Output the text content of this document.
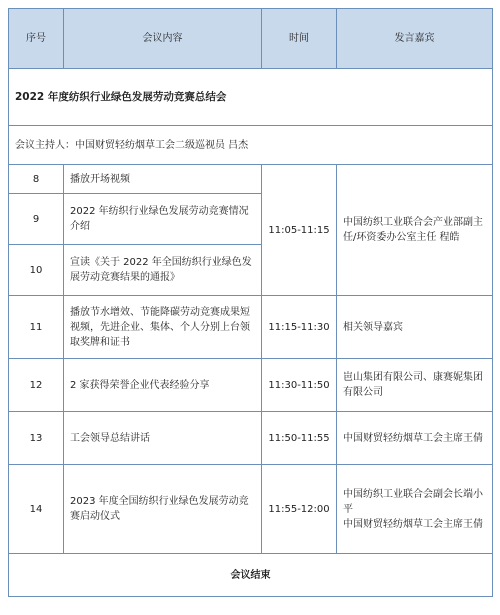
序号	会议内容	时间	发言嘉宾
2022 年度纺织行业绿色发展劳动竞赛总结会			
会议主持人：中国财贸轻纺烟草工会二级巡视员 吕杰			
8	播放开场视频	11:05-11:15	中国纺织工业联合会产业部副主任/环资委办公室主任 程皓
9	2022 年纺织行业绿色发展劳动竞赛情况介绍		
10	宣读《关于 2022 年全国纺织行业绿色发展劳动竞赛结果的通报》		
11	播放节水增效、节能降碳劳动竞赛成果短视频，先进企业、集体、个人分别上台领取奖牌和证书	11:15-11:30	相关领导嘉宾
12	2 家获得荣誉企业代表经验分享	11:30-11:50	岜山集团有限公司、康赛妮集团有限公司
13	工会领导总结讲话	11:50-11:55	中国财贸轻纺烟草工会主席王倩
14	2023 年度全国纺织行业绿色发展劳动竞赛启动仪式	11:55-12:00	中国纺织工业联合会副会长端小平
中国财贸轻纺烟草工会主席王倩

会议结束			
